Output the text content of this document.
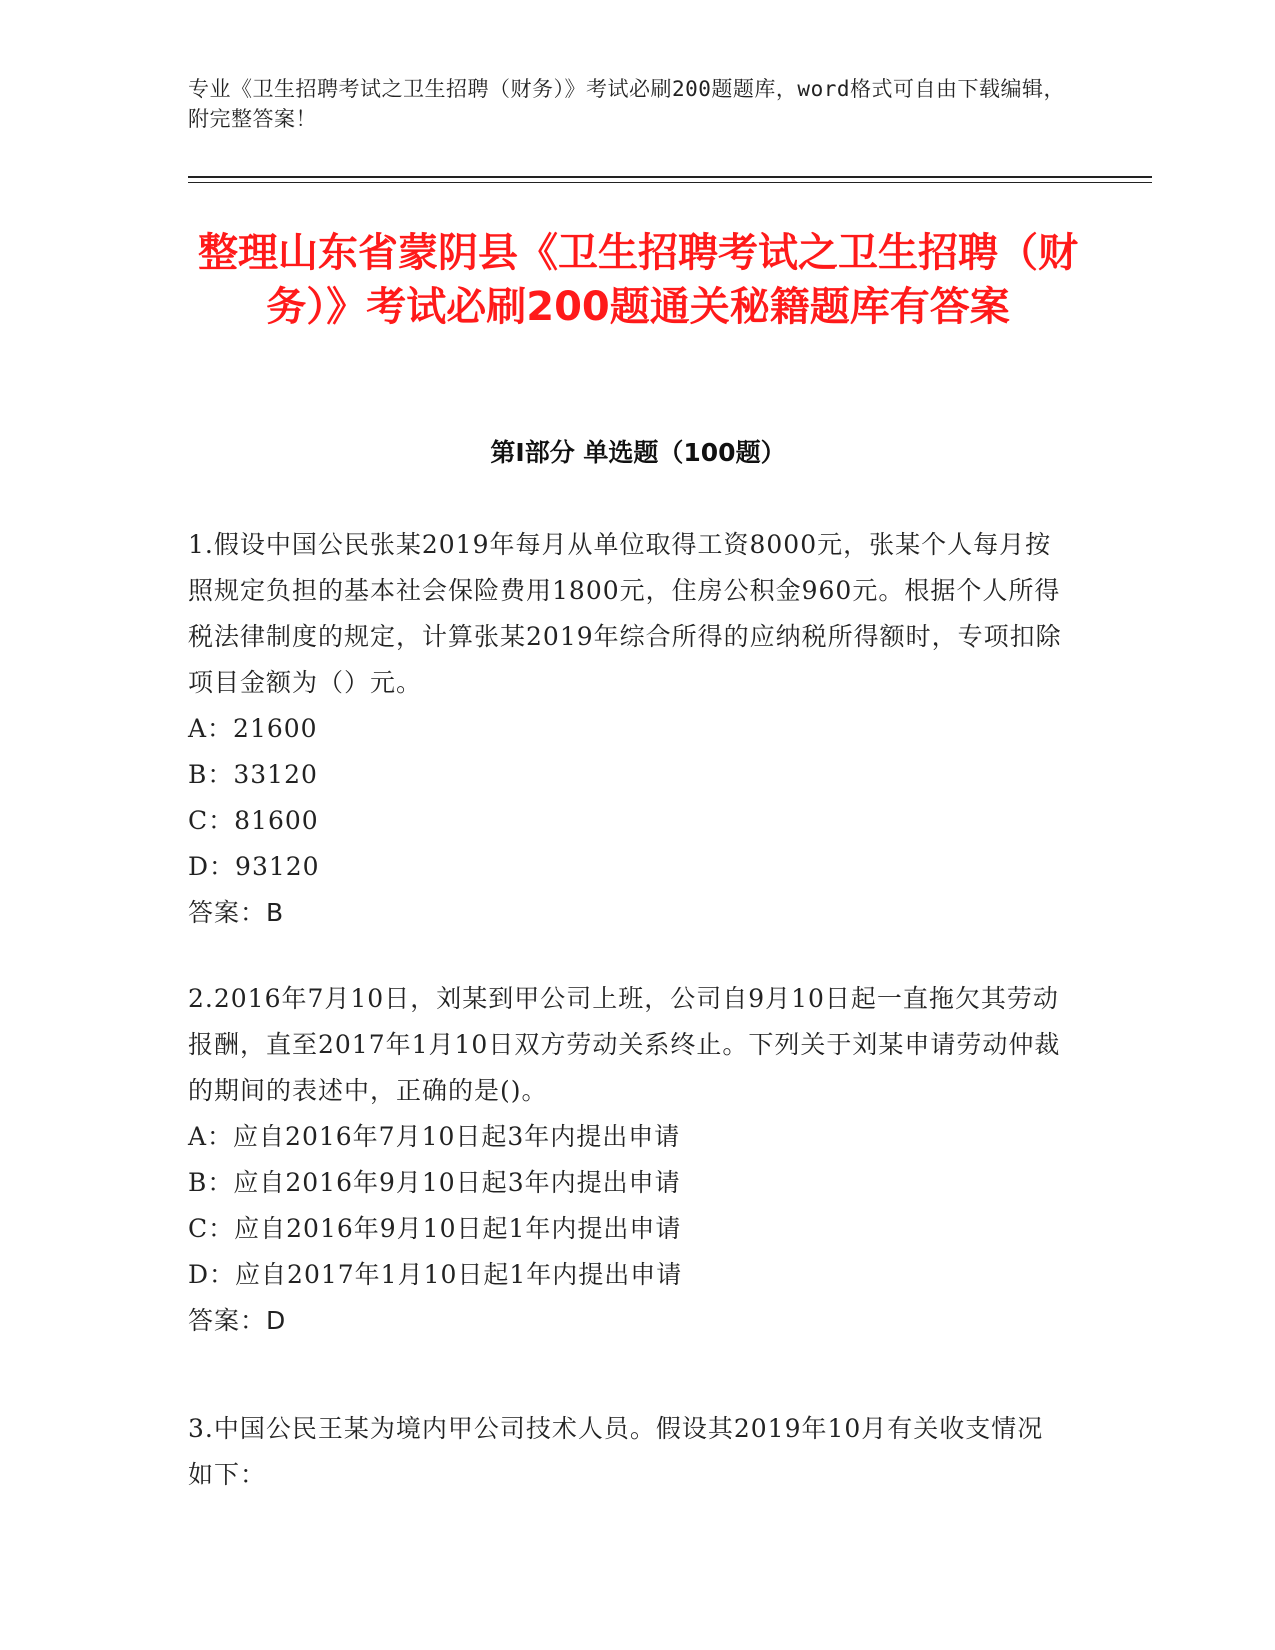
专业《卫生招聘考试之卫生招聘（财务）》考试必刷200题题库，word格式可自由下载编辑，附完整答案！
整理山东省蒙阴县《卫生招聘考试之卫生招聘（财务）》考试必刷200题通关秘籍题库有答案
第Ⅰ部分 单选题（100题）

1.假设中国公民张某2019年每月从单位取得工资8000元，张某个人每月按照规定负担的基本社会保险费用1800元，住房公积金960元。根据个人所得税法律制度的规定，计算张某2019年综合所得的应纳税所得额时，专项扣除项目金额为（）元。

A：21600

B：33120

C：81600

D：93120

答案：B

2.2016年7月10日，刘某到甲公司上班，公司自9月10日起一直拖欠其劳动报酬，直至2017年1月10日双方劳动关系终止。下列关于刘某申请劳动仲裁的期间的表述中，正确的是()。

A：应自2016年7月10日起3年内提出申请

B：应自2016年9月10日起3年内提出申请

C：应自2016年9月10日起1年内提出申请

D：应自2017年1月10日起1年内提出申请

答案：D

3.中国公民王某为境内甲公司技术人员。假设其2019年10月有关收支情况如下：
